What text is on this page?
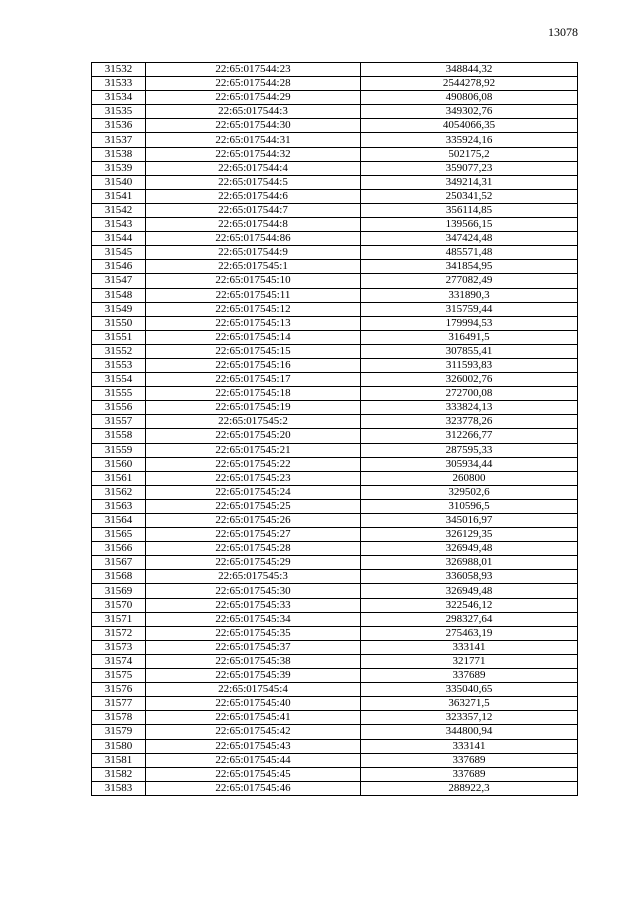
13078
31532	22:65:017544:23	348844,32
31533	22:65:017544:28	2544278,92
31534	22:65:017544:29	490806,08
31535	22:65:017544:3	349302,76
31536	22:65:017544:30	4054066,35
31537	22:65:017544:31	335924,16
31538	22:65:017544:32	502175,2
31539	22:65:017544:4	359077,23
31540	22:65:017544:5	349214,31
31541	22:65:017544:6	250341,52
31542	22:65:017544:7	356114,85
31543	22:65:017544:8	139566,15
31544	22:65:017544:86	347424,48
31545	22:65:017544:9	485571,48
31546	22:65:017545:1	341854,95
31547	22:65:017545:10	277082,49
31548	22:65:017545:11	331890,3
31549	22:65:017545:12	315759,44
31550	22:65:017545:13	179994,53
31551	22:65:017545:14	316491,5
31552	22:65:017545:15	307855,41
31553	22:65:017545:16	311593,83
31554	22:65:017545:17	326002,76
31555	22:65:017545:18	272700,08
31556	22:65:017545:19	333824,13
31557	22:65:017545:2	323778,26
31558	22:65:017545:20	312266,77
31559	22:65:017545:21	287595,33
31560	22:65:017545:22	305934,44
31561	22:65:017545:23	260800
31562	22:65:017545:24	329502,6
31563	22:65:017545:25	310596,5
31564	22:65:017545:26	345016,97
31565	22:65:017545:27	326129,35
31566	22:65:017545:28	326949,48
31567	22:65:017545:29	326988,01
31568	22:65:017545:3	336058,93
31569	22:65:017545:30	326949,48
31570	22:65:017545:33	322546,12
31571	22:65:017545:34	298327,64
31572	22:65:017545:35	275463,19
31573	22:65:017545:37	333141
31574	22:65:017545:38	321771
31575	22:65:017545:39	337689
31576	22:65:017545:4	335040,65
31577	22:65:017545:40	363271,5
31578	22:65:017545:41	323357,12
31579	22:65:017545:42	344800,94
31580	22:65:017545:43	333141
31581	22:65:017545:44	337689
31582	22:65:017545:45	337689
31583	22:65:017545:46	288922,3
